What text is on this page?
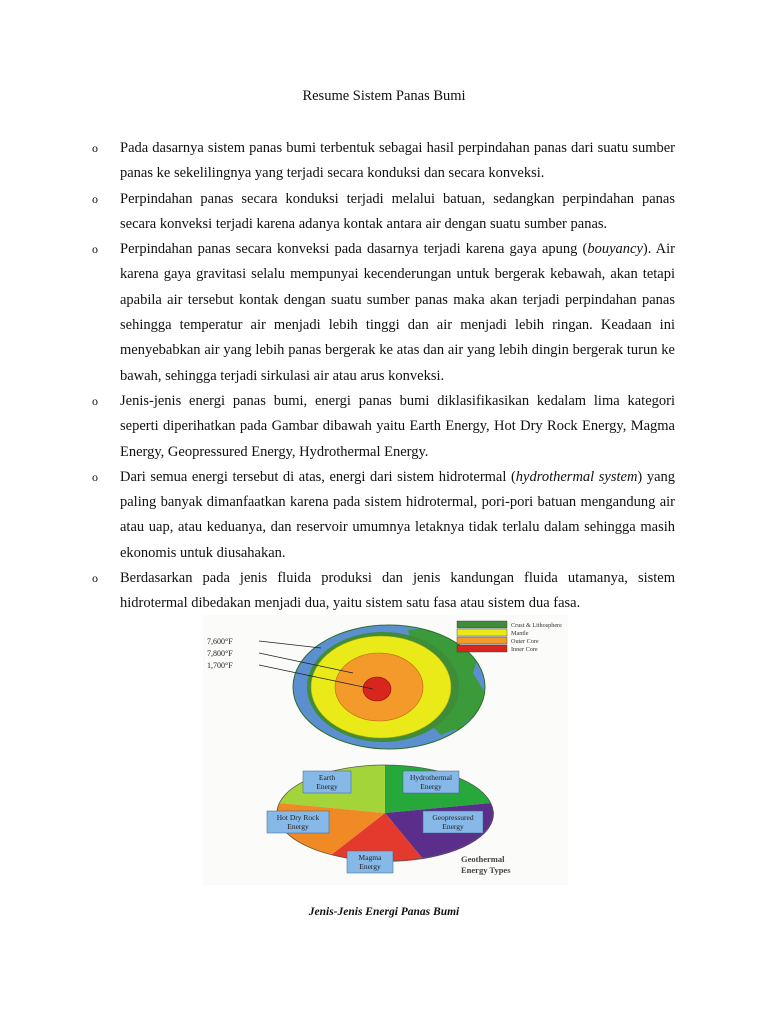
Resume Sistem Panas Bumi
o Pada dasarnya sistem panas bumi terbentuk sebagai hasil perpindahan panas dari suatu sumber panas ke sekelilingnya yang terjadi secara konduksi dan secara konveksi.
o Perpindahan panas secara konduksi terjadi melalui batuan, sedangkan perpindahan panas secara konveksi terjadi karena adanya kontak antara air dengan suatu sumber panas.
o Perpindahan panas secara konveksi pada dasarnya terjadi karena gaya apung (bouyancy). Air karena gaya gravitasi selalu mempunyai kecenderungan untuk bergerak kebawah, akan tetapi apabila air tersebut kontak dengan suatu sumber panas maka akan terjadi perpindahan panas sehingga temperatur air menjadi lebih tinggi dan air menjadi lebih ringan. Keadaan ini menyebabkan air yang lebih panas bergerak ke atas dan air yang lebih dingin bergerak turun ke bawah, sehingga terjadi sirkulasi air atau arus konveksi.
o Jenis-jenis energi panas bumi, energi panas bumi diklasifikasikan kedalam lima kategori seperti diperihatkan pada Gambar dibawah yaitu Earth Energy, Hot Dry Rock Energy, Magma Energy, Geopressured Energy, Hydrothermal Energy.
o Dari semua energi tersebut di atas, energi dari sistem hidrotermal (hydrothermal system) yang paling banyak dimanfaatkan karena pada sistem hidrotermal, pori-pori batuan mengandung air atau uap, atau keduanya, dan reservoir umumnya letaknya tidak terlalu dalam sehingga masih ekonomis untuk diusahakan.
o Berdasarkan pada jenis fluida produksi dan jenis kandungan fluida utamanya, sistem hidrotermal dibedakan menjadi dua, yaitu sistem satu fasa atau sistem dua fasa.
7,600°F
7,800°F
1,700°F
Crust & Lithosphere
Mantle
Outer Core
Inner Core
Earth
Energy
Hydrothermal
Energy
Hot Dry Rock
Energy
Geopressured
Energy
Magma
Energy
Geothermal
Energy Types
Jenis-Jenis Energi Panas Bumi
